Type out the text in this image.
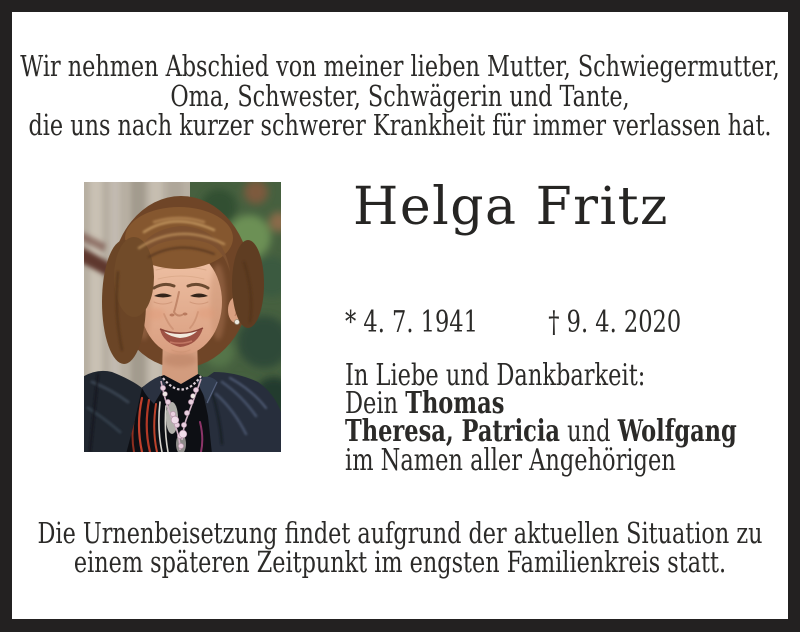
Wir nehmen Abschied von meiner lieben Mutter, Schwiegermutter,
Oma, Schwester, Schwägerin und Tante,
die uns nach kurzer schwerer Krankheit für immer verlassen hat.
Helga Fritz
* 4. 7. 1941 † 9. 4. 2020
In Liebe und Dankbarkeit:
Dein Thomas
Theresa, Patricia und Wolfgang
im Namen aller Angehörigen
Die Urnenbeisetzung findet aufgrund der aktuellen Situation zu
einem späteren Zeitpunkt im engsten Familienkreis statt.
